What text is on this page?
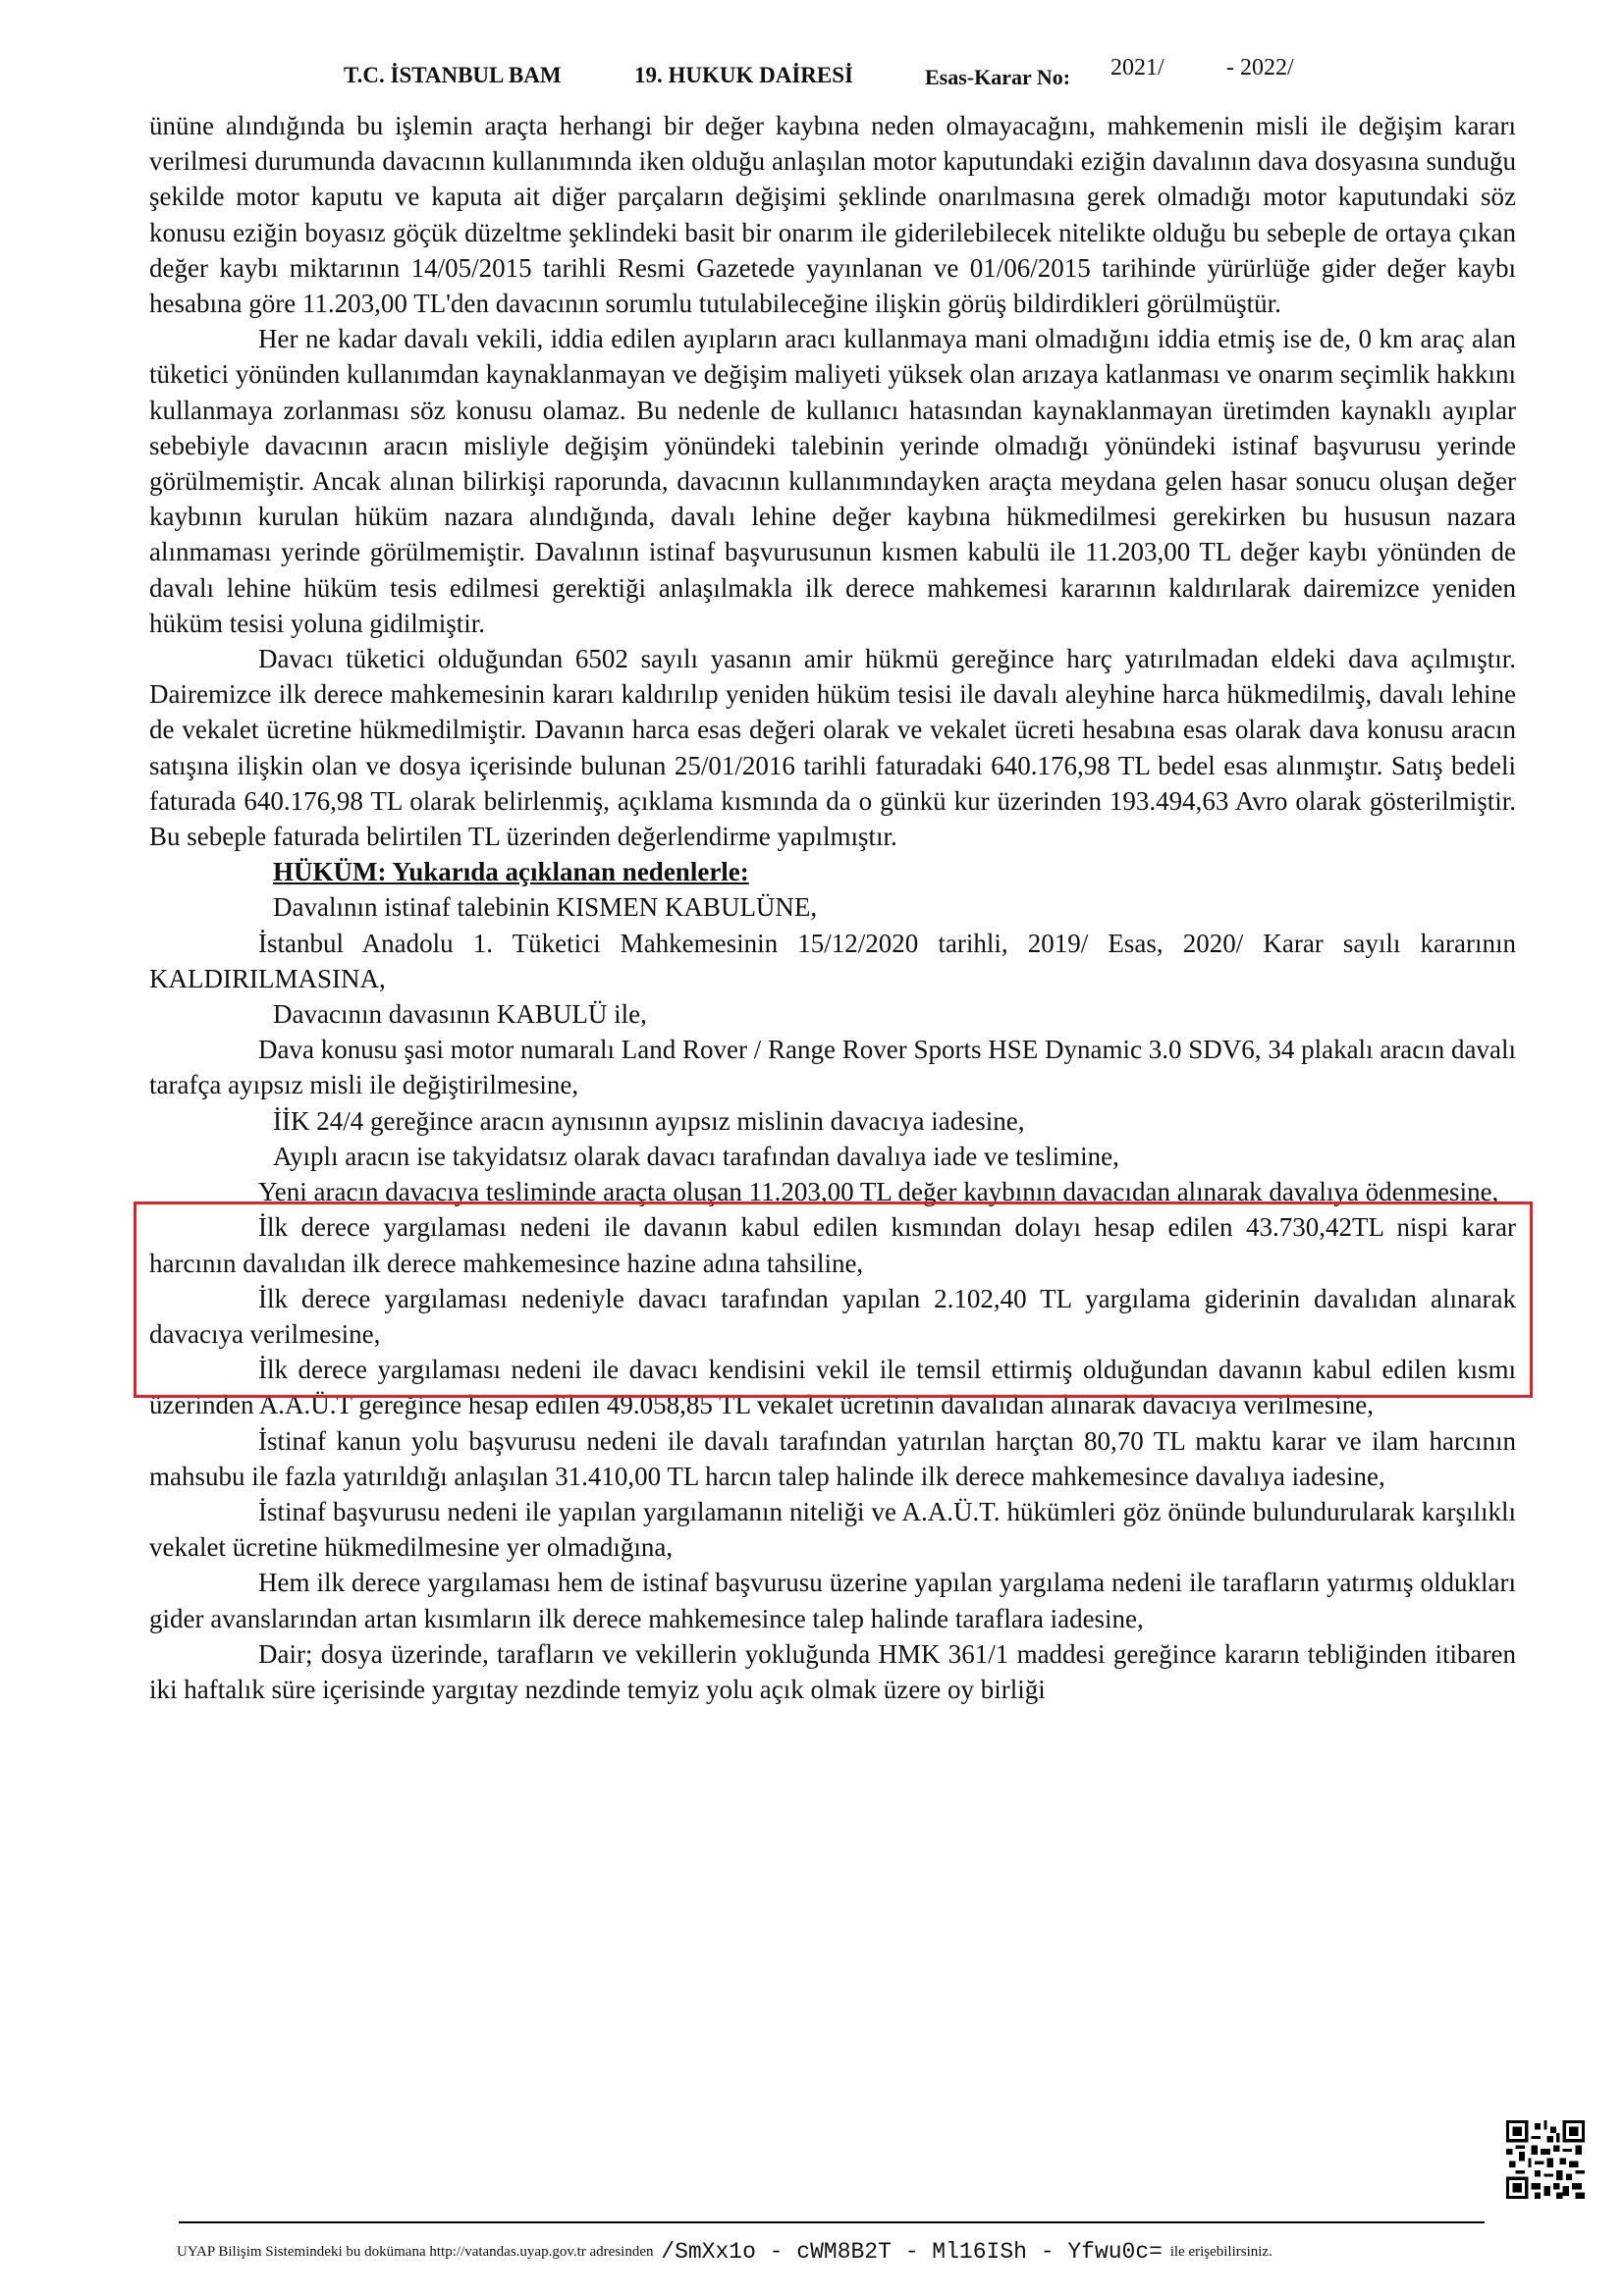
T.C. İSTANBUL BAM	19. HUKUK DAİRESİ	Esas-Karar No: 2021/	- 2022/

ününe alındığında bu işlemin araçta herhangi bir değer kaybına neden olmayacağını, mahkemenin misli ile değişim kararı verilmesi durumunda davacının kullanımında iken olduğu anlaşılan motor kaputundaki eziğin davalının dava dosyasına sunduğu şekilde motor kaputu ve kaputa ait diğer parçaların değişimi şeklinde onarılmasına gerek olmadığı motor kaputundaki söz konusu eziğin boyasız göçük düzeltme şeklindeki basit bir onarım ile giderilebilecek nitelikte olduğu bu sebeple de ortaya çıkan değer kaybı miktarının 14/05/2015 tarihli Resmi Gazetede yayınlanan ve 01/06/2015 tarihinde yürürlüğe gider değer kaybı hesabına göre 11.203,00 TL'den davacının sorumlu tutulabileceğine ilişkin görüş bildirdikleri görülmüştür.

Her ne kadar davalı vekili, iddia edilen ayıpların aracı kullanmaya mani olmadığını iddia etmiş ise de, 0 km araç alan tüketici yönünden kullanımdan kaynaklanmayan ve değişim maliyeti yüksek olan arızaya katlanması ve onarım seçimlik hakkını kullanmaya zorlanması söz konusu olamaz. Bu nedenle de kullanıcı hatasından kaynaklanmayan üretimden kaynaklı ayıplar sebebiyle davacının aracın misliyle değişim yönündeki talebinin yerinde olmadığı yönündeki istinaf başvurusu yerinde görülmemiştir. Ancak alınan bilirkişi raporunda, davacının kullanımındayken araçta meydana gelen hasar sonucu oluşan değer kaybının kurulan hüküm nazara alındığında, davalı lehine değer kaybına hükmedilmesi gerekirken bu hususun nazara alınmaması yerinde görülmemiştir. Davalının istinaf başvurusunun kısmen kabulü ile 11.203,00 TL değer kaybı yönünden de davalı lehine hüküm tesis edilmesi gerektiği anlaşılmakla ilk derece mahkemesi kararının kaldırılarak dairemizce yeniden hüküm tesisi yoluna gidilmiştir.

Davacı tüketici olduğundan 6502 sayılı yasanın amir hükmü gereğince harç yatırılmadan eldeki dava açılmıştır. Dairemizce ilk derece mahkemesinin kararı kaldırılıp yeniden hüküm tesisi ile davalı aleyhine harca hükmedilmiş, davalı lehine de vekalet ücretine hükmedilmiştir. Davanın harca esas değeri olarak ve vekalet ücreti hesabına esas olarak dava konusu aracın satışına ilişkin olan ve dosya içerisinde bulunan 25/01/2016 tarihli faturadaki 640.176,98 TL bedel esas alınmıştır. Satış bedeli faturada 640.176,98 TL olarak belirlenmiş, açıklama kısmında da o günkü kur üzerinden 193.494,63 Avro olarak gösterilmiştir. Bu sebeple faturada belirtilen TL üzerinden değerlendirme yapılmıştır.

HÜKÜM: Yukarıda açıklanan nedenlerle:

Davalının istinaf talebinin KISMEN KABULÜNE,

İstanbul Anadolu 1. Tüketici Mahkemesinin 15/12/2020 tarihli, 2019/ Esas, 2020/ Karar sayılı kararının KALDIRILMASINA,

Davacının davasının KABULÜ ile,

Dava konusu şasi motor numaralı Land Rover / Range Rover Sports HSE Dynamic 3.0 SDV6, 34 plakalı aracın davalı tarafça ayıpsız misli ile değiştirilmesine,

İİK 24/4 gereğince aracın aynısının ayıpsız mislinin davacıya iadesine,

Ayıplı aracın ise takyidatsız olarak davacı tarafından davalıya iade ve teslimine,

Yeni aracın davacıya tesliminde araçta oluşan 11.203,00 TL değer kaybının davacıdan alınarak davalıya ödenmesine,

İlk derece yargılaması nedeni ile davanın kabul edilen kısmından dolayı hesap edilen 43.730,42TL nispi karar harcının davalıdan ilk derece mahkemesince hazine adına tahsiline,

İlk derece yargılaması nedeniyle davacı tarafından yapılan 2.102,40 TL yargılama giderinin davalıdan alınarak davacıya verilmesine,

İlk derece yargılaması nedeni ile davacı kendisini vekil ile temsil ettirmiş olduğundan davanın kabul edilen kısmı üzerinden A.A.Ü.T gereğince hesap edilen 49.058,85 TL vekalet ücretinin davalıdan alınarak davacıya verilmesine,

İstinaf kanun yolu başvurusu nedeni ile davalı tarafından yatırılan harçtan 80,70 TL maktu karar ve ilam harcının mahsubu ile fazla yatırıldığı anlaşılan 31.410,00 TL harcın talep halinde ilk derece mahkemesince davalıya iadesine,

İstinaf başvurusu nedeni ile yapılan yargılamanın niteliği ve A.A.Ü.T. hükümleri göz önünde bulundurularak karşılıklı vekalet ücretine hükmedilmesine yer olmadığına,

Hem ilk derece yargılaması hem de istinaf başvurusu üzerine yapılan yargılama nedeni ile tarafların yatırmış oldukları gider avanslarından artan kısımların ilk derece mahkemesince talep halinde taraflara iadesine,

Dair; dosya üzerinde, tarafların ve vekillerin yokluğunda HMK 361/1 maddesi gereğince kararın tebliğinden itibaren iki haftalık süre içerisinde yargıtay nezdinde temyiz yolu açık olmak üzere oy birliği

UYAP Bilişim Sistemindeki bu dokümana http://vatandas.uyap.gov.tr adresinden /SmXx1o - cWM8B2T - Ml16ISh - Yfwu0c= ile erişebilirsiniz.
